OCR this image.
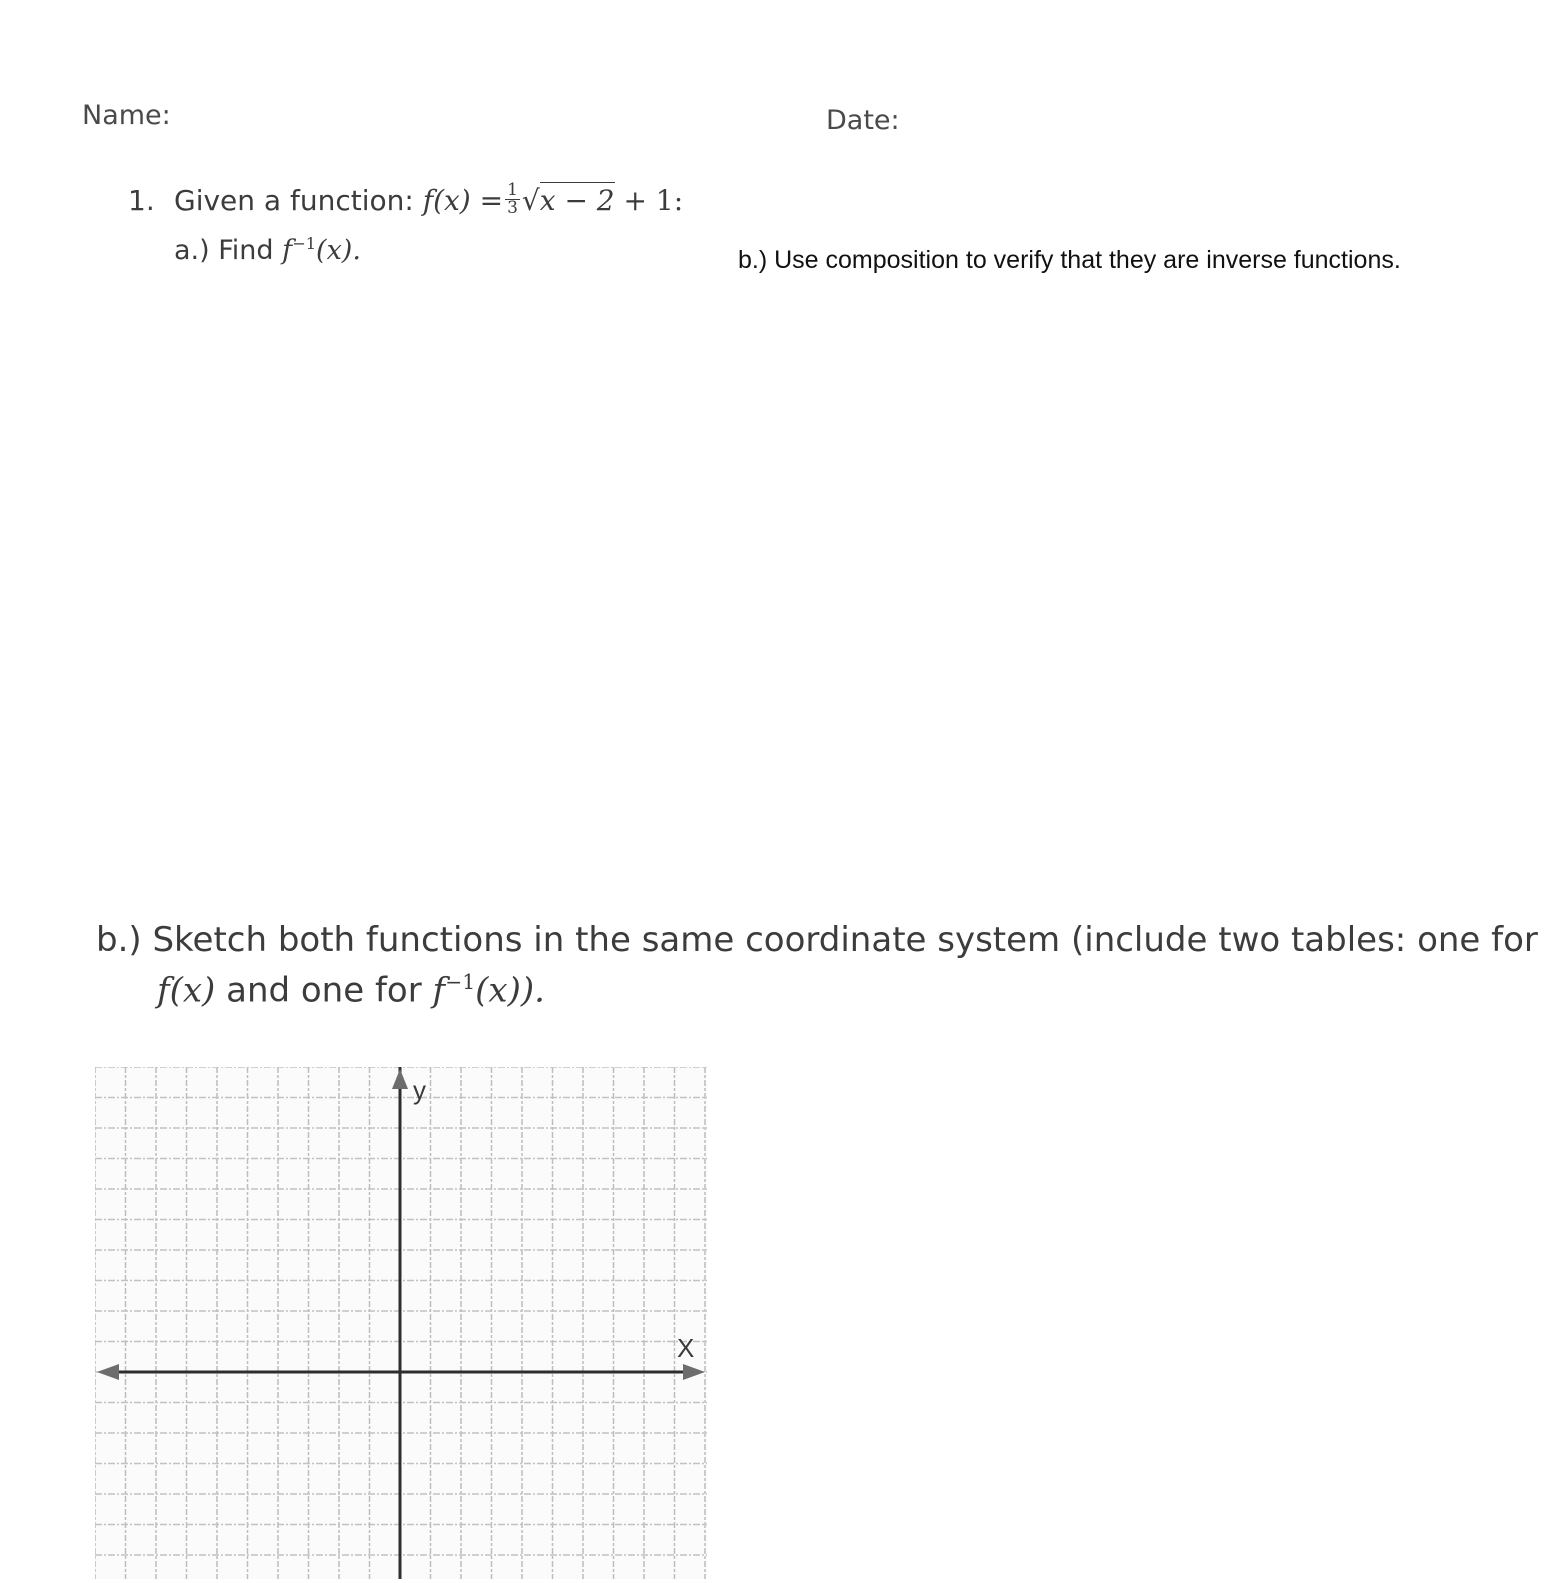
Name:	Date:
1. Given a function: $f(x) = \frac{1}{3} √x - 2 + 1$:
a.) Find $f^{-1}(x)$.	b.) Use composition to verify that they are inverse functions.
b.) Sketch both functions in the same coordinate system (include two tables: one for
f(x) and one for $f^{-1}(x)$).
y
X
